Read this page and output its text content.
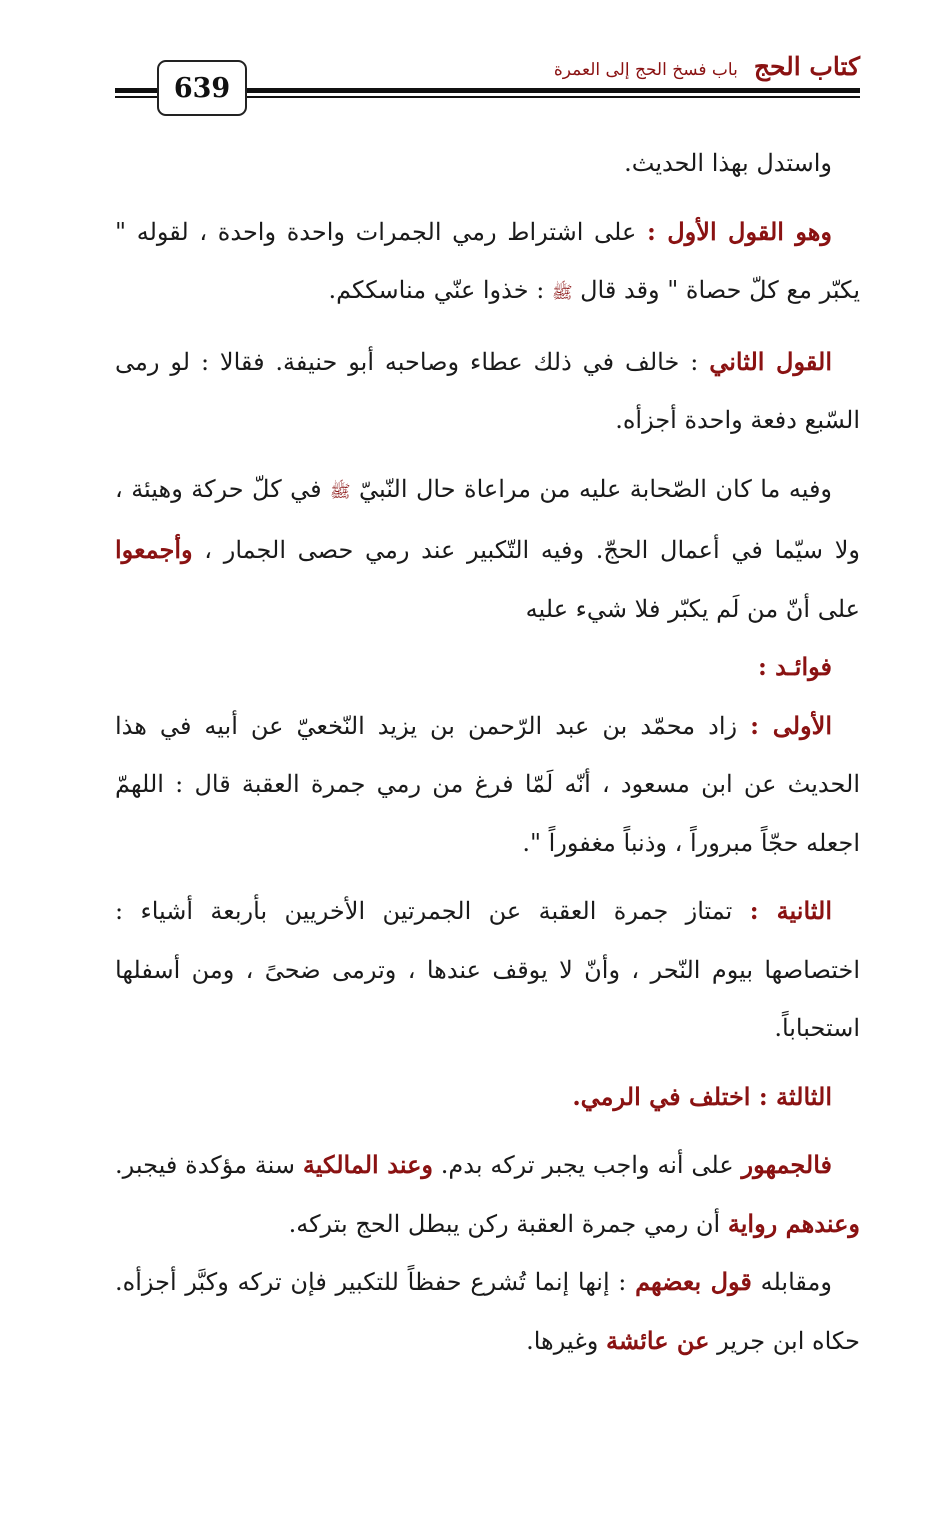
كتاب الحج باب فسخ الحج إلى العمرة
639

واستدل بهذا الحديث.

وهو القول الأول : على اشتراط رمي الجمرات واحدة واحدة ، لقوله " يكبّر مع كلّ حصاة " وقد قال ﷺ : خذوا عنّي مناسككم.

القول الثاني : خالف في ذلك عطاء وصاحبه أبو حنيفة. فقالا : لو رمى السّبع دفعة واحدة أجزأه.

وفيه ما كان الصّحابة عليه من مراعاة حال النّبيّ ﷺ في كلّ حركة وهيئة ، ولا سيّما في أعمال الحجّ. وفيه التّكبير عند رمي حصى الجمار ، وأجمعوا على أنّ من لَم يكبّر فلا شيء عليه

فوائـد :

الأولى : زاد محمّد بن عبد الرّحمن بن يزيد النّخعيّ عن أبيه في هذا الحديث عن ابن مسعود ، أنّه لَمّا فرغ من رمي جمرة العقبة قال : اللهمّ اجعله حجّاً مبروراً ، وذنباً مغفوراً ".

الثانية : تمتاز جمرة العقبة عن الجمرتين الأخريين بأربعة أشياء : اختصاصها بيوم النّحر ، وأنّ لا يوقف عندها ، وترمى ضحىً ، ومن أسفلها استحباباً.

الثالثة : اختلف في الرمي.

فالجمهور على أنه واجب يجبر تركه بدم. وعند المالكية سنة مؤكدة فيجبر. وعندهم رواية أن رمي جمرة العقبة ركن يبطل الحج بتركه.

ومقابله قول بعضهم : إنها إنما تُشرع حفظاً للتكبير فإن تركه وكبَّر أجزأه. حكاه ابن جرير عن عائشة وغيرها.
